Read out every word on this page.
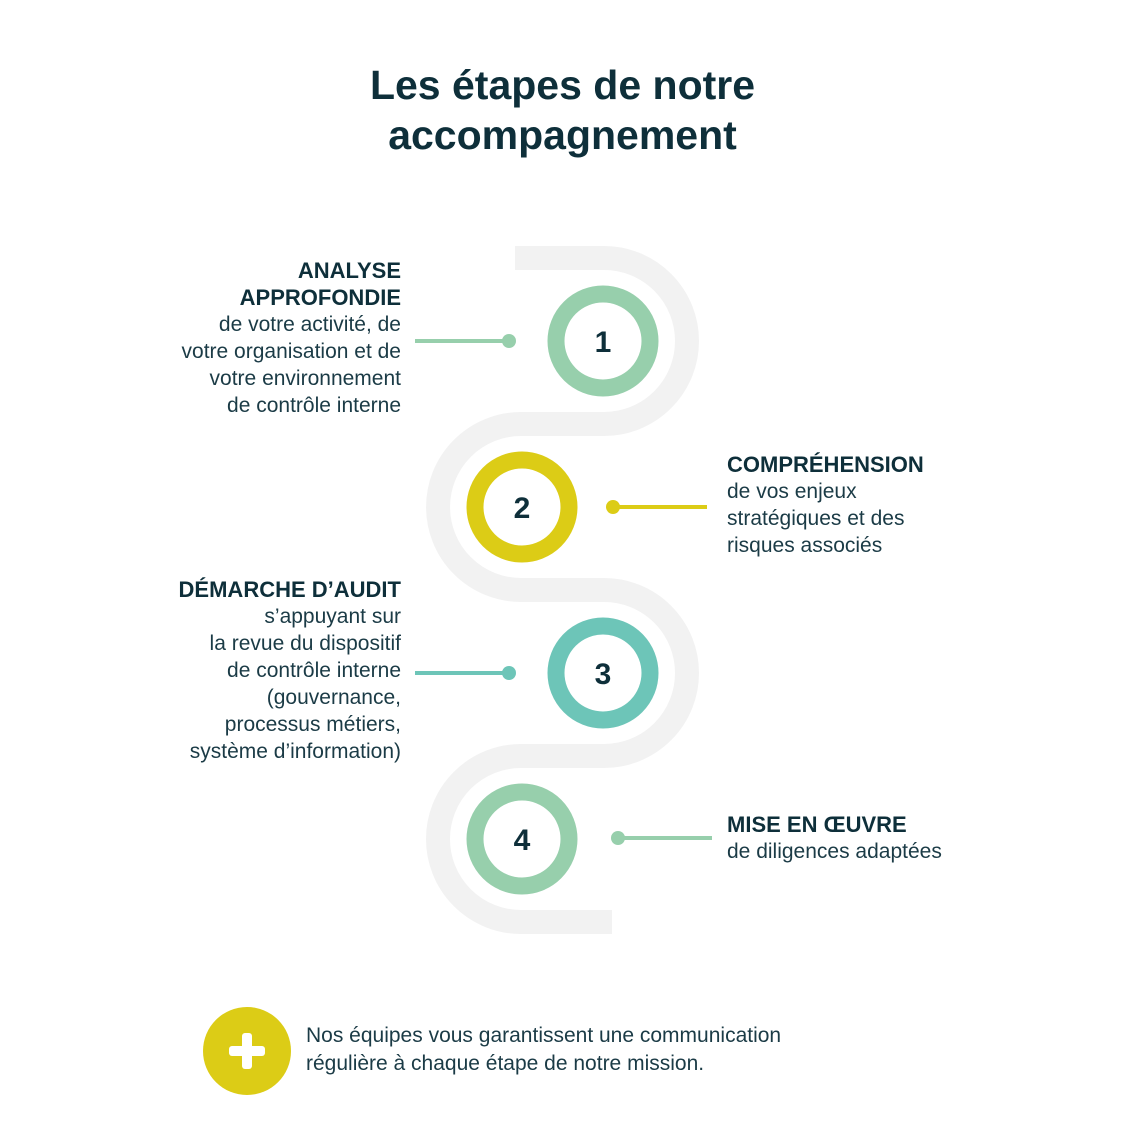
Les étapes de notre
accompagnement
1
2
3
4
ANALYSE
APPROFONDIE
de votre activité, de
votre organisation et de
votre environnement
de contrôle interne
COMPRÉHENSION
de vos enjeux
stratégiques et des
risques associés
DÉMARCHE D’AUDIT
s’appuyant sur
la revue du dispositif
de contrôle interne
(gouvernance,
processus métiers,
système d’information)
MISE EN ŒUVRE
de diligences adaptées
Nos équipes vous garantissent une communication
régulière à chaque étape de notre mission.
